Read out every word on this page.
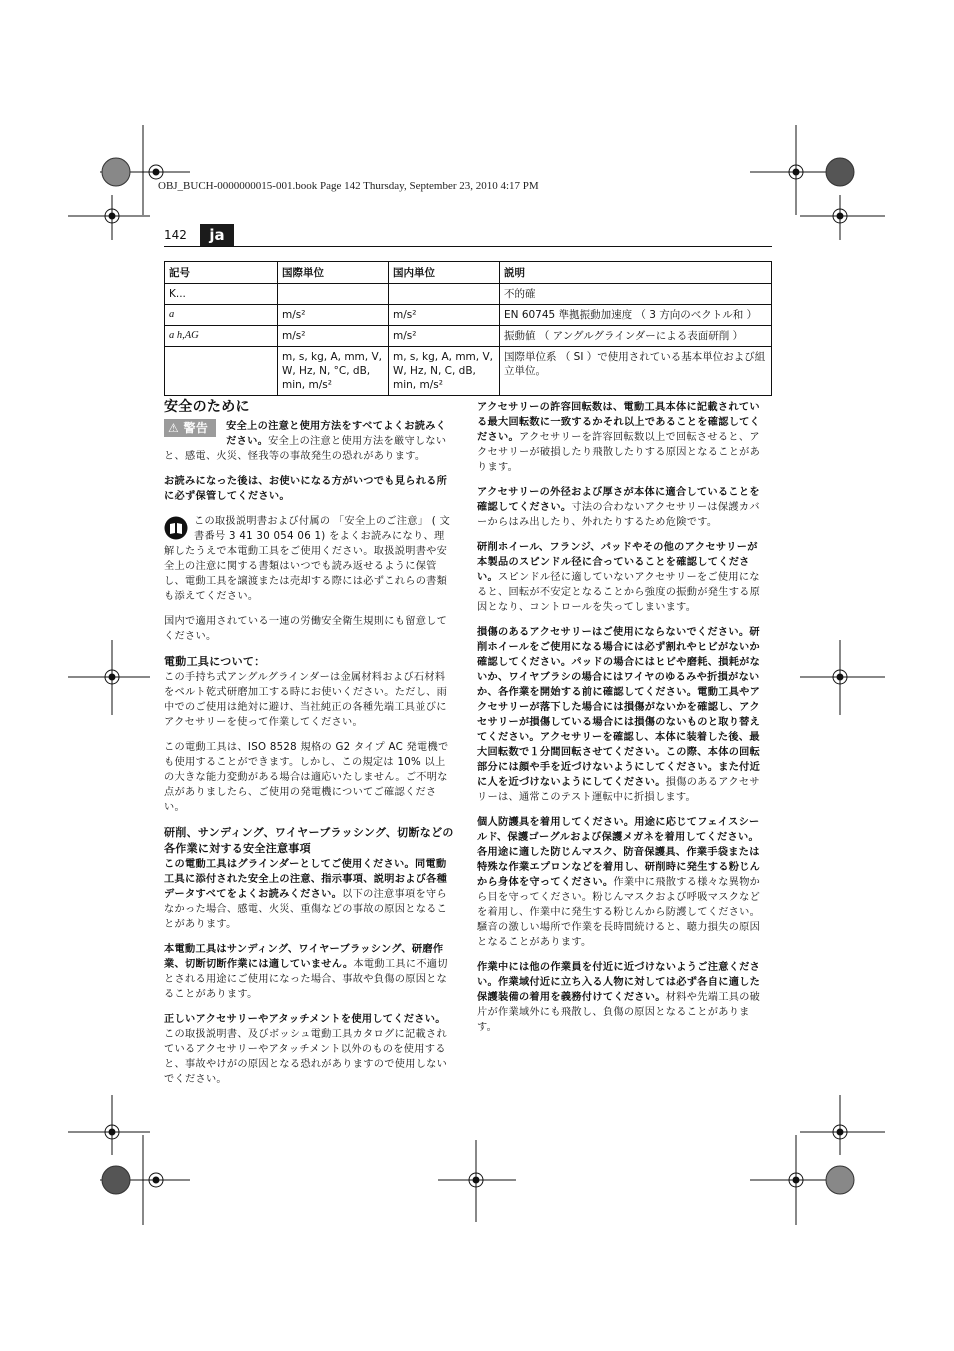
OBJ_BUCH-0000000015-001.book Page 142 Thursday, September 23, 2010 4:17 PM
142	ja
記号	国際単位	国内単位	説明
K...			不的確
a	m/s²	m/s²	EN 60745 準拠振動加速度 （ 3 方向のベクトル和 ）
a h,AG	m/s²	m/s²	振動値 （ アングルグラインダーによる表面研削 ）
	m, s, kg, A, mm, V, W, Hz, N, °C, dB, min, m/s²	m, s, kg, A, mm, V, W, Hz, N, C, dB, min, m/s²	国際単位系 （ SI ）で使用されている基本単位および組立単位。
安全のために

⚠ 警告	安全上の注意と使用方法をすべてよくお読みください。安全上の注意と使用方法を厳守しないと、感電、火災、怪我等の事故発生の恐れがあります。

お読みになった後は、お使いになる方がいつでも見られる所に必ず保管してください。

この取扱説明書および付属の 「安全上のご注意」 ( 文書番号 3 41 30 054 06 1) をよくお読みになり、理解したうえで本電動工具をご使用ください。取扱説明書や安全上の注意に関する書類はいつでも読み返せるように保管し、電動工具を譲渡または売却する際には必ずこれらの書類も添えてください。

国内で適用されている一連の労働安全衛生規則にも留意してください。

電動工具について：

この手持ち式アングルグラインダーは金属材料および石材料をベルト乾式研磨加工する時にお使いください。ただし、雨中でのご使用は絶対に避け、当社純正の各種先端工具並びにアクセサリーを使って作業してください。

この電動工具は、ISO 8528 規格の G2 タイプ AC 発電機でも使用することができます。しかし、この規定は 10% 以上の大きな能力変動がある場合は適応いたしません。ご不明な点がありましたら、ご使用の発電機についてご確認ください。

研削、サンディング、ワイヤーブラッシング、切断などの各作業に対する安全注意事項

この電動工具はグラインダーとしてご使用ください。同電動工具に添付された安全上の注意、指示事項、説明および各種データすべてをよくお読みください。以下の注意事項を守らなかった場合、感電、火災、重傷などの事故の原因となることがあります。

本電動工具はサンディング、ワイヤーブラッシング、研磨作業、切断切断作業には適していません。本電動工具に不適切とされる用途にご使用になった場合、事故や負傷の原因となることがあります。

正しいアクセサリーやアタッチメントを使用してください。この取扱説明書、及びボッシュ電動工具カタログに記載されているアクセサリーやアタッチメント以外のものを使用すると、事故やけがの原因となる恐れがありますので使用しないでください。

アクセサリーの許容回転数は、電動工具本体に記載されている最大回転数に一致するかそれ以上であることを確認してください。アクセサリーを許容回転数以上で回転させると、アクセサリーが破損したり飛散したりする原因となることがあります。

アクセサリーの外径および厚さが本体に適合していることを確認してください。寸法の合わないアクセサリーは保護カバーからはみ出したり、外れたりするため危険です。

研削ホイール、フランジ、パッドやその他のアクセサリーが本製品のスピンドル径に合っていることを確認してください。スピンドル径に適していないアクセサリーをご使用になると、回転が不安定となることから強度の振動が発生する原因となり、コントロールを失ってしまいます。

損傷のあるアクセサリーはご使用にならないでください。研削ホイールをご使用になる場合には必ず割れやヒビがないか確認してください。パッドの場合にはヒビや磨耗、損耗がないか、ワイヤブラシの場合にはワイヤのゆるみや折損がないか、各作業を開始する前に確認してください。電動工具やアクセサリーが落下した場合には損傷がないかを確認し、アクセサリーが損傷している場合には損傷のないものと取り替えてください。アクセサリーを確認し、本体に装着した後、最大回転数で１分間回転させてください。この際、本体の回転部分には顔や手を近づけないようにしてください。また付近に人を近づけないようにしてください。損傷のあるアクセサリーは、通常このテスト運転中に折損します。

個人防護具を着用してください。用途に応じてフェイスシールド、保護ゴーグルおよび保護メガネを着用してください。各用途に適した防じんマスク、防音保護具、作業手袋または特殊な作業エプロンなどを着用し、研削時に発生する粉じんから身体を守ってください。作業中に飛散する様々な異物から目を守ってください。粉じんマスクおよび呼吸マスクなどを着用し、作業中に発生する粉じんから防護してください。騒音の激しい場所で作業を長時間続けると、聴力損失の原因となることがあります。

作業中には他の作業員を付近に近づけないようご注意ください。作業域付近に立ち入る人物に対しては必ず各自に適した保護装備の着用を義務付けてください。材料や先端工具の破片が作業域外にも飛散し、負傷の原因となることがあります。
